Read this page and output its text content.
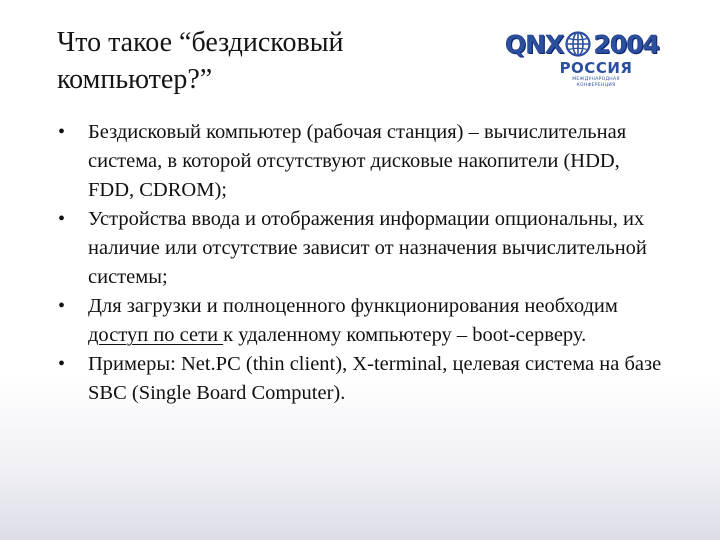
Что такое “бездисковый компьютер?”
QNX 2004
РОССИЯ
МЕЖДУНАРОДНАЯ КОНФЕРЕНЦИЯ
• Бездисковый компьютер (рабочая станция) – вычислительная система, в которой отсутствуют дисковые накопители (HDD, FDD, CDROM);
• Устройства ввода и отображения информации опциональны, их наличие или отсутствие зависит от назначения вычислительной системы;
• Для загрузки и полноценного функционирования необходим доступ по сети к удаленному компьютеру – boot-серверу.
• Примеры: Net.PC (thin client), X-terminal, целевая система на базе SBC (Single Board Computer).
